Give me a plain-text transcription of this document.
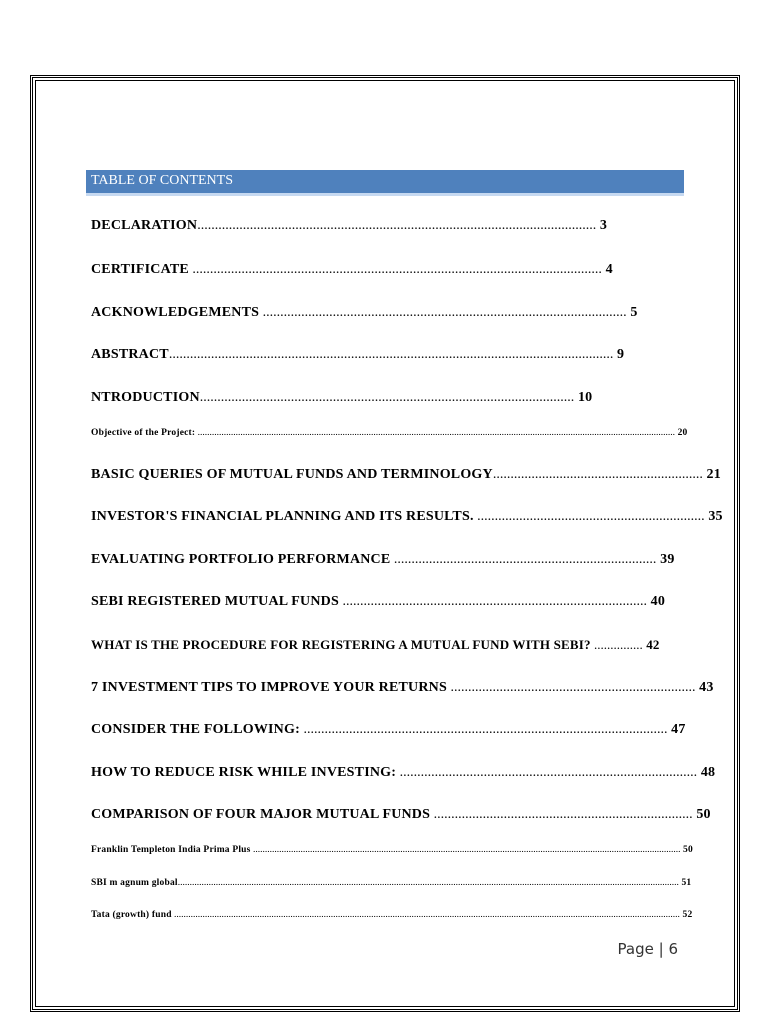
TABLE OF CONTENTS
DECLARATION.................................................................................................................. 3
CERTIFICATE ..................................................................................................................... 4
ACKNOWLEDGEMENTS ........................................................................................................ 5
ABSTRACT............................................................................................................................... 9
NTRODUCTION........................................................................................................... 10
Objective of the Project: ......................................................................................................................................................................................................... 20
BASIC QUERIES OF MUTUAL FUNDS AND TERMINOLOGY............................................................ 21
INVESTOR'S FINANCIAL PLANNING AND ITS RESULTS. ................................................................. 35
EVALUATING PORTFOLIO PERFORMANCE ........................................................................... 39
SEBI REGISTERED MUTUAL FUNDS ....................................................................................... 40
WHAT IS THE PROCEDURE FOR REGISTERING A MUTUAL FUND WITH SEBI? ............... 42
7 INVESTMENT TIPS TO IMPROVE YOUR RETURNS ...................................................................... 43
CONSIDER THE FOLLOWING: ........................................................................................................ 47
HOW TO REDUCE RISK WHILE INVESTING: ..................................................................................... 48
COMPARISON OF FOUR MAJOR MUTUAL FUNDS .......................................................................... 50
Franklin Templeton India Prima Plus .................................................................................................................................................................................... 50
SBI m agnum global................................................................................................................................................................................................................... 51
Tata (growth) fund ..................................................................................................................................................................................................................... 52
Page | 6
